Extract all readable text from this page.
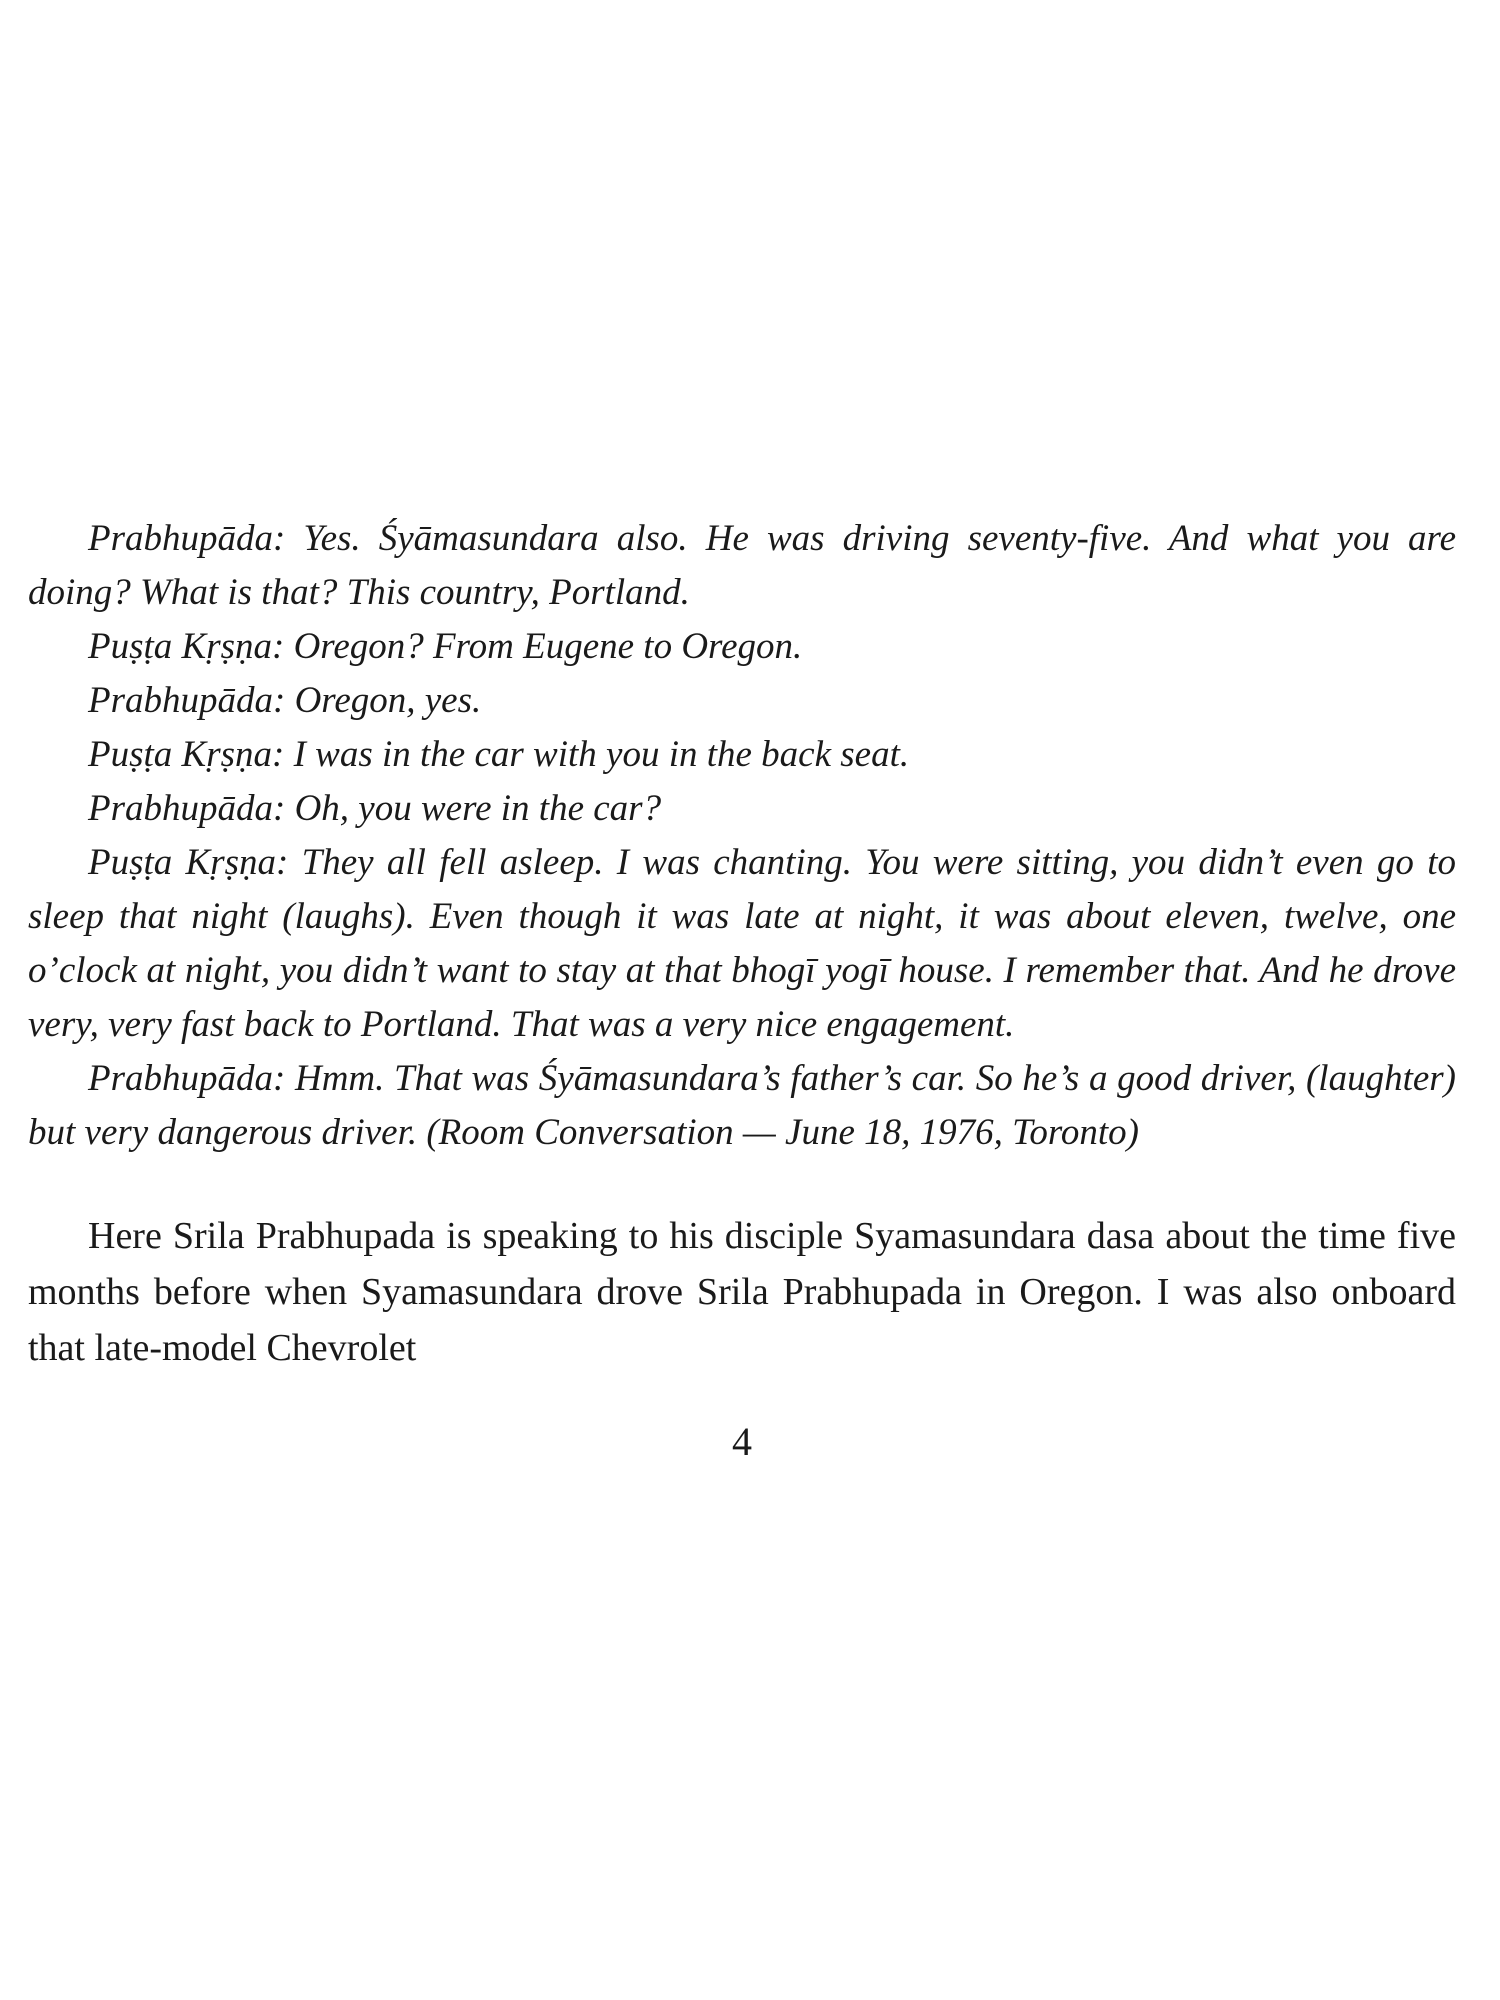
Prabhupāda: Yes. Śyāmasundara also. He was driving seventy-five. And what you are doing? What is that? This country, Portland.

Puṣṭa Kṛṣṇa: Oregon? From Eugene to Oregon.

Prabhupāda: Oregon, yes.

Puṣṭa Kṛṣṇa: I was in the car with you in the back seat.

Prabhupāda: Oh, you were in the car?

Puṣṭa Kṛṣṇa: They all fell asleep. I was chanting. You were sitting, you didn’t even go to sleep that night (laughs). Even though it was late at night, it was about eleven, twelve, one o’clock at night, you didn’t want to stay at that bhogī yogī house. I remember that. And he drove very, very fast back to Portland. That was a very nice engagement.

Prabhupāda: Hmm. That was Śyāmasundara’s father’s car. So he’s a good driver, (laughter) but very dangerous driver. (Room Conversation — June 18, 1976, Toronto)

Here Srila Prabhupada is speaking to his disciple Syamasundara dasa about the time five months before when Syamasundara drove Srila Prabhupada in Oregon. I was also onboard that late-model Chevrolet

4
